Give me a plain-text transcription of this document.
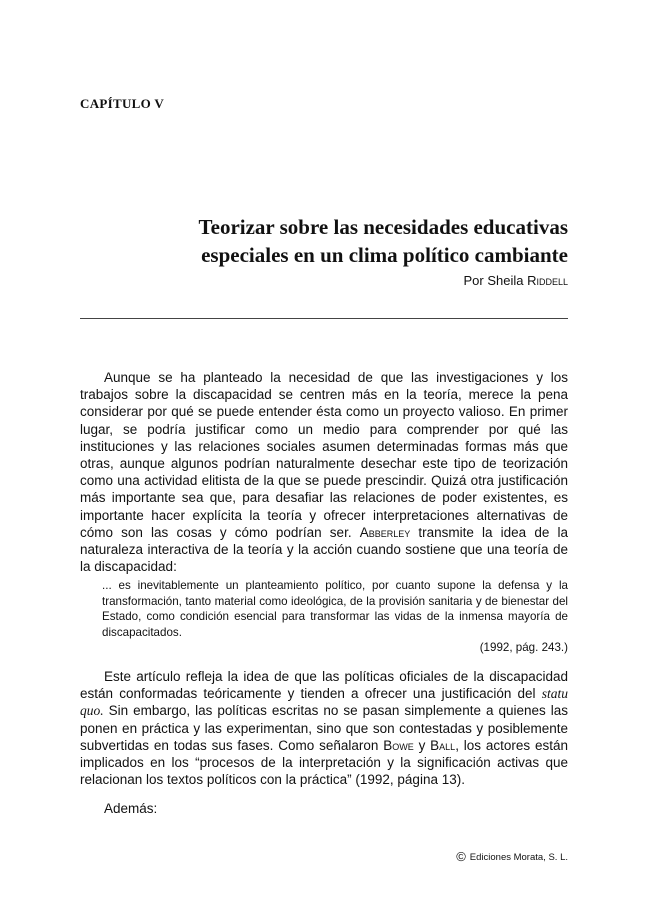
CAPÍTULO V
Teorizar sobre las necesidades educativas
especiales en un clima político cambiante
Por Sheila Riddell
Aunque se ha planteado la necesidad de que las investigaciones y los trabajos sobre la discapacidad se centren más en la teoría, merece la pena considerar por qué se puede entender ésta como un proyecto valioso. En primer lugar, se podría justificar como un medio para comprender por qué las instituciones y las relaciones sociales asumen determinadas formas más que otras, aunque algunos podrían naturalmente desechar este tipo de teorización como una actividad elitista de la que se puede prescindir. Quizá otra justificación más importante sea que, para desafiar las relaciones de poder existentes, es importante hacer explícita la teoría y ofrecer interpretaciones alternativas de cómo son las cosas y cómo podrían ser. Abberley transmite la idea de la naturaleza interactiva de la teoría y la acción cuando sostiene que una teoría de la discapacidad:
... es inevitablemente un planteamiento político, por cuanto supone la defensa y la transformación, tanto material como ideológica, de la provisión sanitaria y de bienestar del Estado, como condición esencial para transformar las vidas de la inmensa mayoría de discapacitados.
(1992, pág. 243.)
Este artículo refleja la idea de que las políticas oficiales de la discapacidad están conformadas teóricamente y tienden a ofrecer una justificación del statu quo. Sin embargo, las políticas escritas no se pasan simplemente a quienes las ponen en práctica y las experimentan, sino que son contestadas y posiblemente subvertidas en todas sus fases. Como señalaron Bowe y Ball, los actores están implicados en los “procesos de la interpretación y la significación activas que relacionan los textos políticos con la práctica” (1992, página 13).
Además:
© Ediciones Morata, S. L.
